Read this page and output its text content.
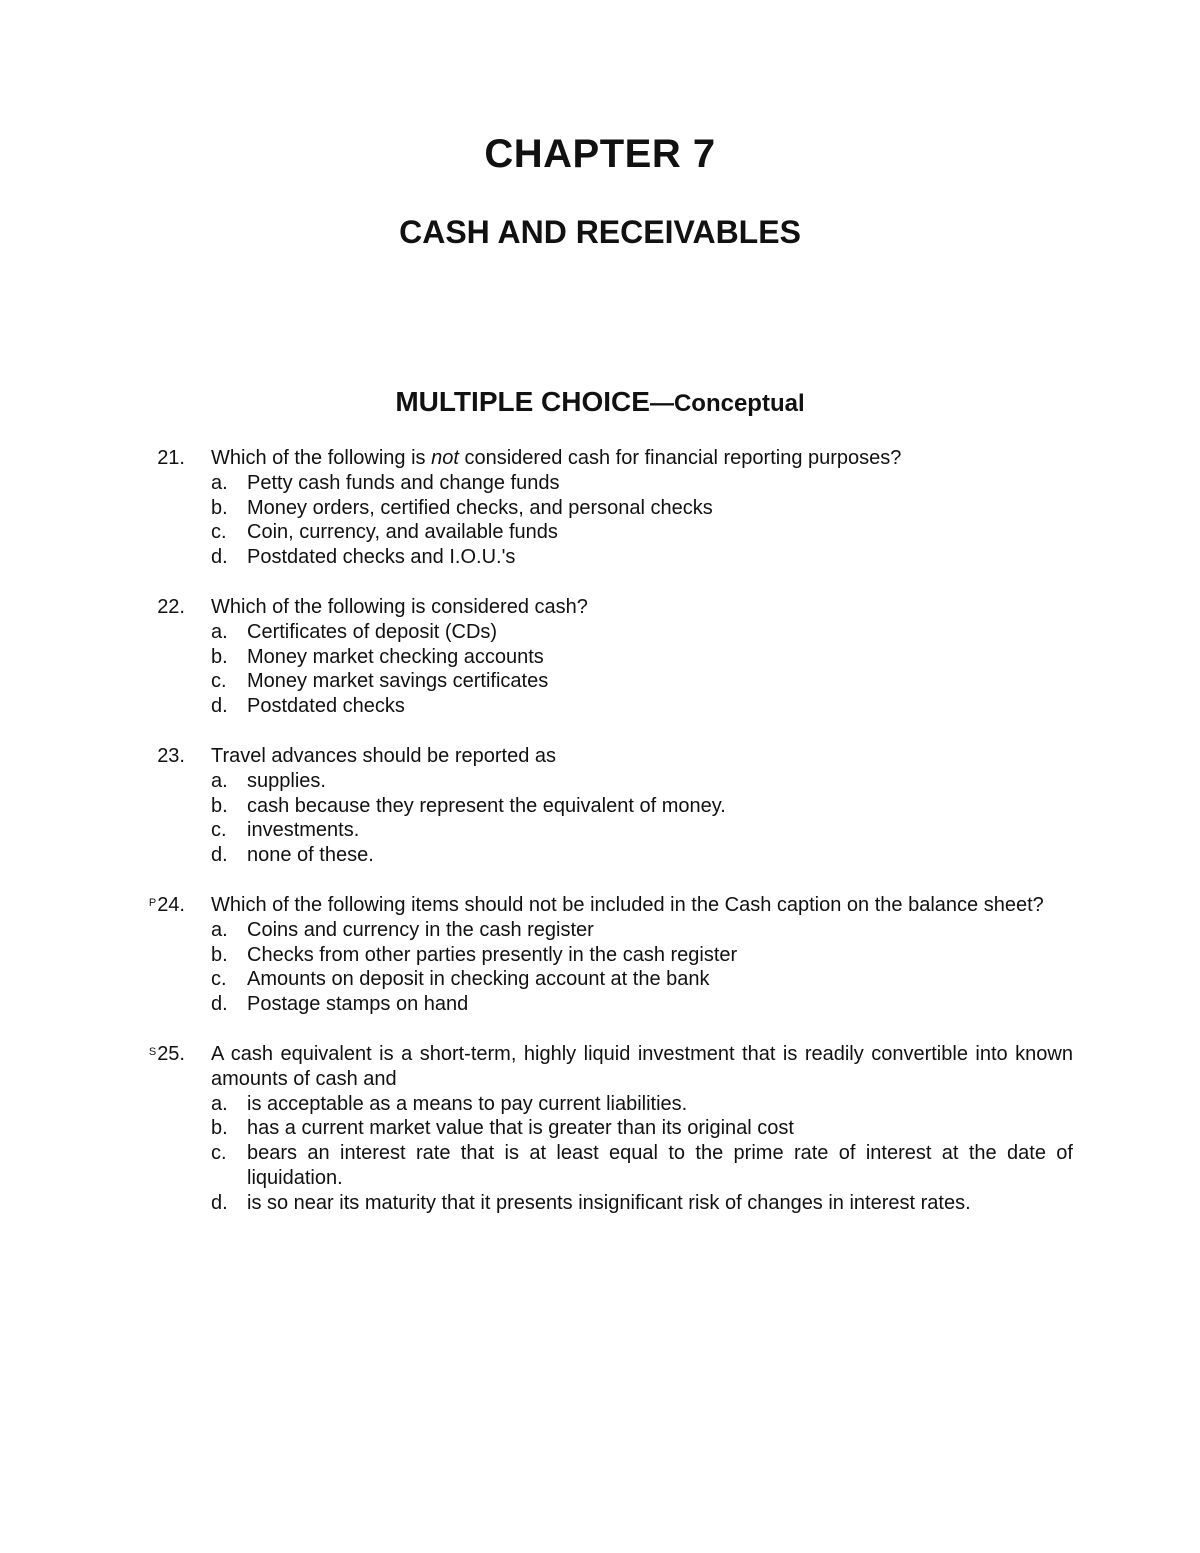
CHAPTER 7
CASH AND RECEIVABLES
MULTIPLE CHOICE—Conceptual
21. Which of the following is not considered cash for financial reporting purposes?
a. Petty cash funds and change funds
b. Money orders, certified checks, and personal checks
c.	Coin, currency, and available funds
d. Postdated checks and I.O.U.'s
22. Which of the following is considered cash?
a. Certificates of deposit (CDs)
b. Money market checking accounts
c.	Money market savings certificates
d. Postdated checks
23. Travel advances should be reported as
a. supplies.
b. cash because they represent the equivalent of money.
c.	investments.
d. none of these.
$^P$24. Which of the following items should not be included in the Cash caption on the balance sheet?
a. Coins and currency in the cash register
b. Checks from other parties presently in the cash register
c.	Amounts on deposit in checking account at the bank
d. Postage stamps on hand
$^S$25. A cash equivalent is a short-term, highly liquid investment that is readily convertible into known amounts of cash and
a. is acceptable as a means to pay current liabilities.
b. has a current market value that is greater than its original cost
c.	bears an interest rate that is at least equal to the prime rate of interest at the date of liquidation.
d. is so near its maturity that it presents insignificant risk of changes in interest rates.
